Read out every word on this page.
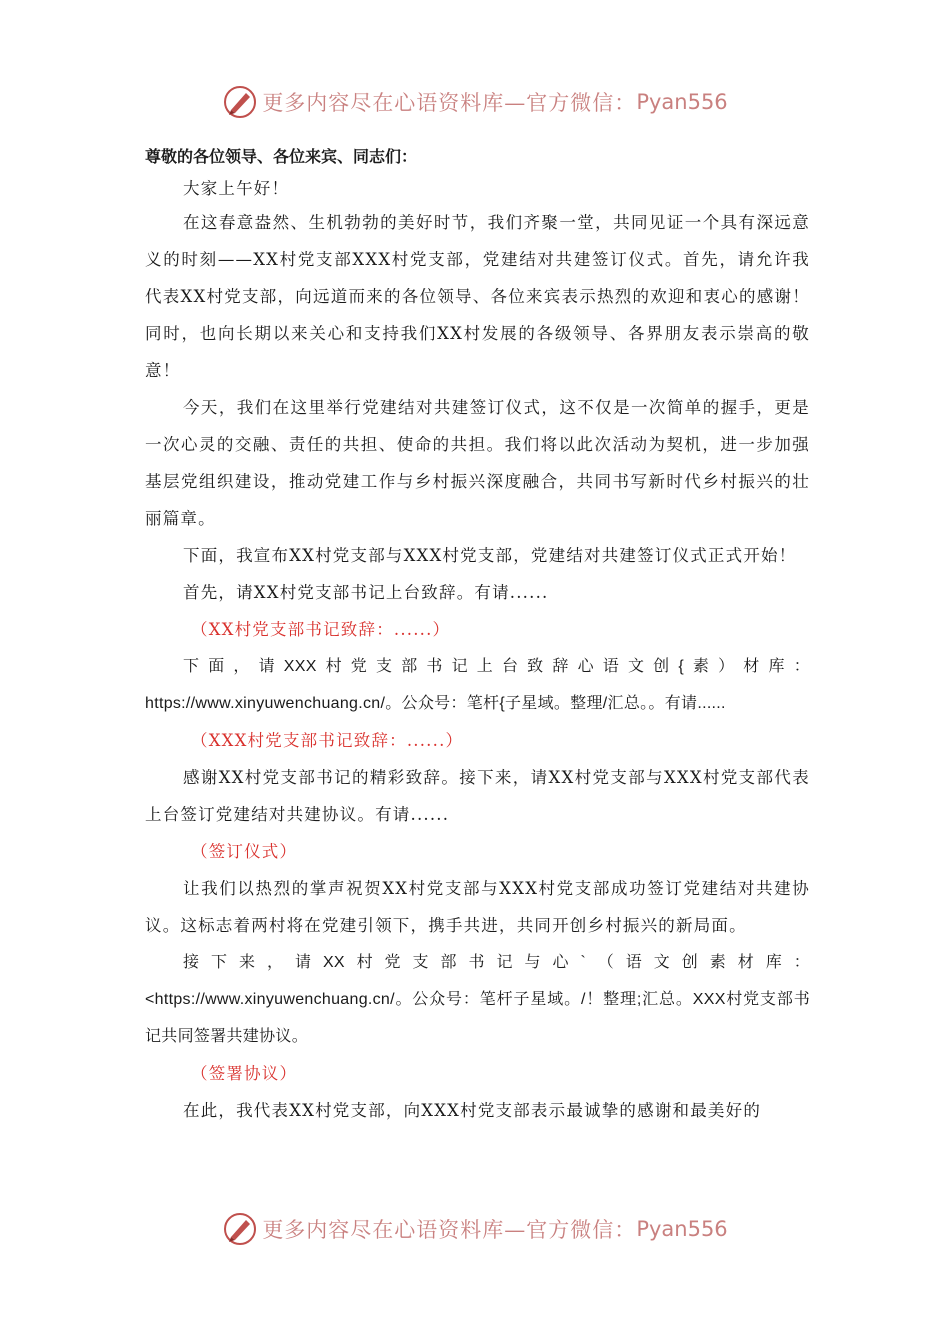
更多内容尽在心语资料库—官方微信： Pyan556

尊敬的各位领导、各位来宾、同志们：

大家上午好！

在这春意盎然、生机勃勃的美好时节，我们齐聚一堂，共同见证一个具有深远意义的时刻——XX村党支部XXX村党支部，党建结对共建签订仪式。首先，请允许我代表XX村党支部，向远道而来的各位领导、各位来宾表示热烈的欢迎和衷心的感谢！同时，也向长期以来关心和支持我们XX村发展的各级领导、各界朋友表示崇高的敬意！

今天，我们在这里举行党建结对共建签订仪式，这不仅是一次简单的握手，更是一次心灵的交融、责任的共担、使命的共担。我们将以此次活动为契机，进一步加强基层党组织建设，推动党建工作与乡村振兴深度融合，共同书写新时代乡村振兴的壮丽篇章。

下面，我宣布XX村党支部与XXX村党支部，党建结对共建签订仪式正式开始！

首先，请XX村党支部书记上台致辞。有请......

（XX村党支部书记致辞：......）

下面，请XXX村党支部书记上台致辞心语文创{素）材库：https://www.xinyuwenchuang.cn/。公众号：笔杆{子星域。整理/汇总。。有请......

（XXX村党支部书记致辞：......）

感谢XX村党支部书记的精彩致辞。接下来，请XX村党支部与XXX村党支部代表上台签订党建结对共建协议。有请......

（签订仪式）

让我们以热烈的掌声祝贺XX村党支部与XXX村党支部成功签订党建结对共建协议。这标志着两村将在党建引领下，携手共进，共同开创乡村振兴的新局面。

接下来，请XX村党支部书记与心`（语文创素材库：<https://www.xinyuwenchuang.cn/。公众号：笔杆子星域。/！整理;汇总。XXX村党支部书记共同签署共建协议。

（签署协议）

在此，我代表XX村党支部，向XXX村党支部表示最诚挚的感谢和最美好的

更多内容尽在心语资料库—官方微信： Pyan556
